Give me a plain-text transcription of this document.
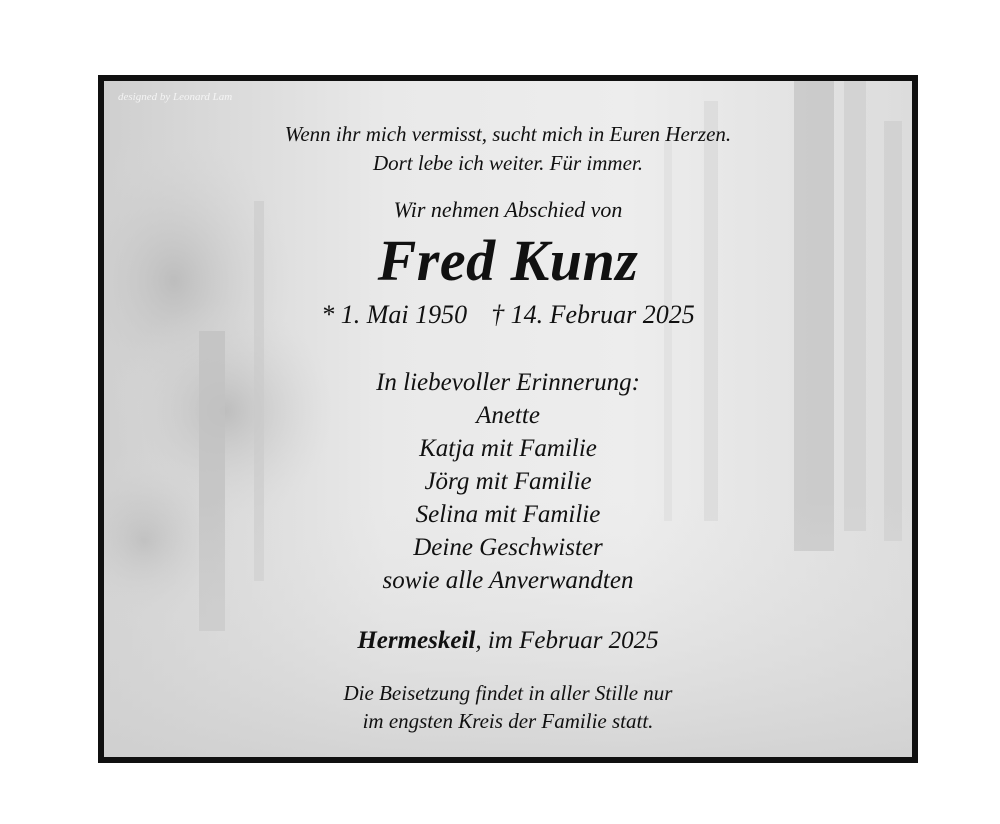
designed by Leonard Lam
Wenn ihr mich vermisst, sucht mich in Euren Herzen.
Dort lebe ich weiter. Für immer.
Wir nehmen Abschied von
Fred Kunz
* 1. Mai 1950 † 14. Februar 2025
In liebevoller Erinnerung:
Anette
Katja mit Familie
Jörg mit Familie
Selina mit Familie
Deine Geschwister
sowie alle Anverwandten
Hermeskeil, im Februar 2025
Die Beisetzung findet in aller Stille nur
im engsten Kreis der Familie statt.
